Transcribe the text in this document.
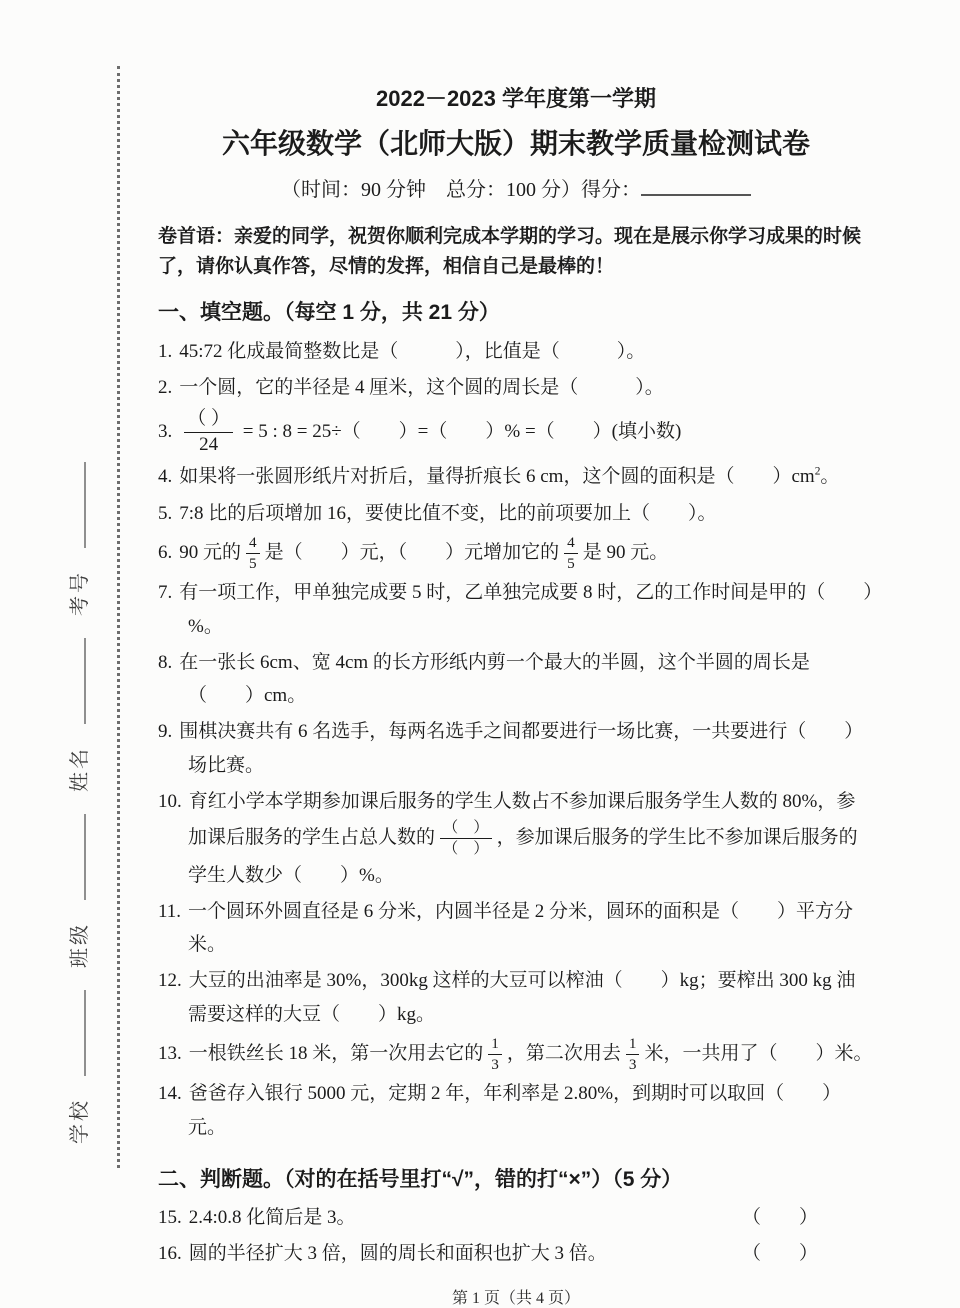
学校班级姓名考号
2022－2023 学年度第一学期
六年级数学（北师大版）期末教学质量检测试卷
（时间：90 分钟　总分：100 分）得分：
卷首语：亲爱的同学，祝贺你顺利完成本学期的学习。现在是展示你学习成果的时候了，请你认真作答，尽情的发挥，相信自己是最棒的！
一、填空题。（每空 1 分，共 21 分）
1. 45:72 化成最简整数比是（　　　），比值是（　　　）。
2. 一个圆，它的半径是 4 厘米，这个圆的周长是（　　　）。
3. $\frac{( )}{24} = 5$ : 8 = 25÷（　　）=（　　）% =（　　）(填小数)
4. 如果将一张圆形纸片对折后，量得折痕长 6 cm，这个圆的面积是（　　）$cm^2$。
5. 7:8 比的后项增加 16，要使比值不变，比的前项要加上（　　）。
6. 90 元的 $\frac{4}{5}$ 是（　　）元，（　　）元增加它的 $\frac{4}{5}$ 是 90 元。
7. 有一项工作，甲单独完成要 5 时，乙单独完成要 8 时，乙的工作时间是甲的（　　）%。
8. 在一张长 6cm、宽 4cm 的长方形纸内剪一个最大的半圆，这个半圆的周长是（　　）cm。
9. 围棋决赛共有 6 名选手，每两名选手之间都要进行一场比赛，一共要进行（　　）场比赛。
10. 育红小学本学期参加课后服务的学生人数占不参加课后服务学生人数的 80%，参加课后服务的学生占总人数的 $\frac{( )}{( )}$ ，参加课后服务的学生比不参加课后服务的学生人数少（　　）%。
11. 一个圆环外圆直径是 6 分米，内圆半径是 2 分米，圆环的面积是（　　）平方分米。
12. 大豆的出油率是 30%，300kg 这样的大豆可以榨油（　　）kg；要榨出 300 kg 油需要这样的大豆（　　）kg。
13. 一根铁丝长 18 米，第一次用去它的 $\frac{1}{3}$ ，第二次用去 $\frac{1}{3}$ 米，一共用了（　　）米。
14. 爸爸存入银行 5000 元，定期 2 年，年利率是 2.80%，到期时可以取回（　　）元。
二、判断题。（对的在括号里打“√”，错的打“×”）（5 分）
15. 2.4:0.8 化简后是 3。	（　　）
16. 圆的半径扩大 3 倍，圆的周长和面积也扩大 3 倍。	（　　）
第 1 页（共 4 页）
